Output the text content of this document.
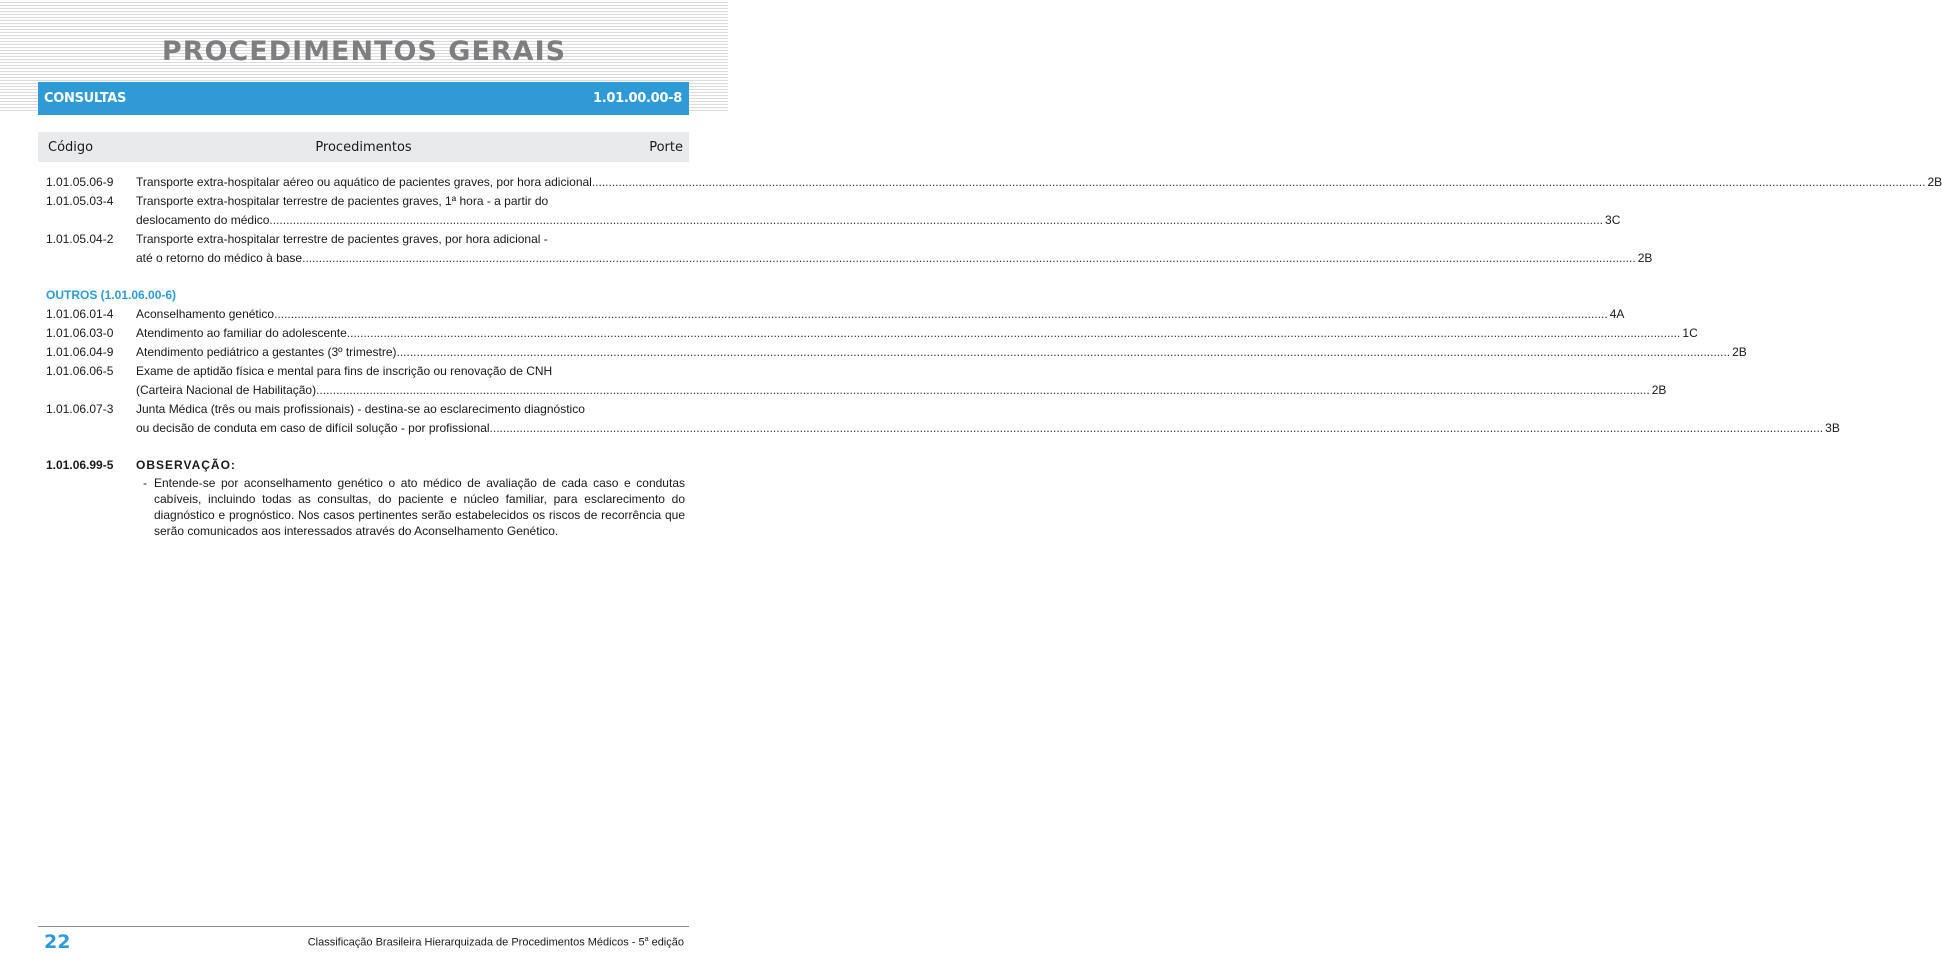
PROCEDIMENTOS GERAIS
CONSULTAS	1.01.00.00-8
Código	Procedimentos	Porte
1.01.05.06-9	Transporte extra-hospitalar aéreo ou aquático de pacientes graves, por hora adicional ................................................................................................................................................................................................................................................................................................................................................................................................................ 2B
1.01.05.03-4	Transporte extra-hospitalar terrestre de pacientes graves, 1ª hora - a partir do
deslocamento do médico ................................................................................................................................................................................................................................................................................................................................................................................................................ 3C
1.01.05.04-2	Transporte extra-hospitalar terrestre de pacientes graves, por hora adicional -
até o retorno do médico à base ................................................................................................................................................................................................................................................................................................................................................................................................................ 2B
OUTROS (1.01.06.00-6)
1.01.06.01-4	Aconselhamento genético ................................................................................................................................................................................................................................................................................................................................................................................................................ 4A
1.01.06.03-0	Atendimento ao familiar do adolescente ................................................................................................................................................................................................................................................................................................................................................................................................................ 1C
1.01.06.04-9	Atendimento pediátrico a gestantes (3º trimestre) ................................................................................................................................................................................................................................................................................................................................................................................................................ 2B
1.01.06.06-5	Exame de aptidão física e mental para fins de inscrição ou renovação de CNH
(Carteira Nacional de Habilitação) ................................................................................................................................................................................................................................................................................................................................................................................................................ 2B
1.01.06.07-3	Junta Médica (três ou mais profissionais) - destina-se ao esclarecimento diagnóstico
ou decisão de conduta em caso de difícil solução - por profissional ................................................................................................................................................................................................................................................................................................................................................................................................................ 3B
1.01.06.99-5	OBSERVAÇÃO:
- Entende-se por aconselhamento genético o ato médico de avaliação de cada caso e condutas cabíveis, incluindo todas as consultas, do paciente e núcleo familiar, para esclarecimento do diagnóstico e prognóstico. Nos casos pertinentes serão estabelecidos os riscos de recorrência que serão comunicados aos interessados através do Aconselhamento Genético.
22	Classificação Brasileira Hierarquizada de Procedimentos Médicos - 5$^a$ edição
